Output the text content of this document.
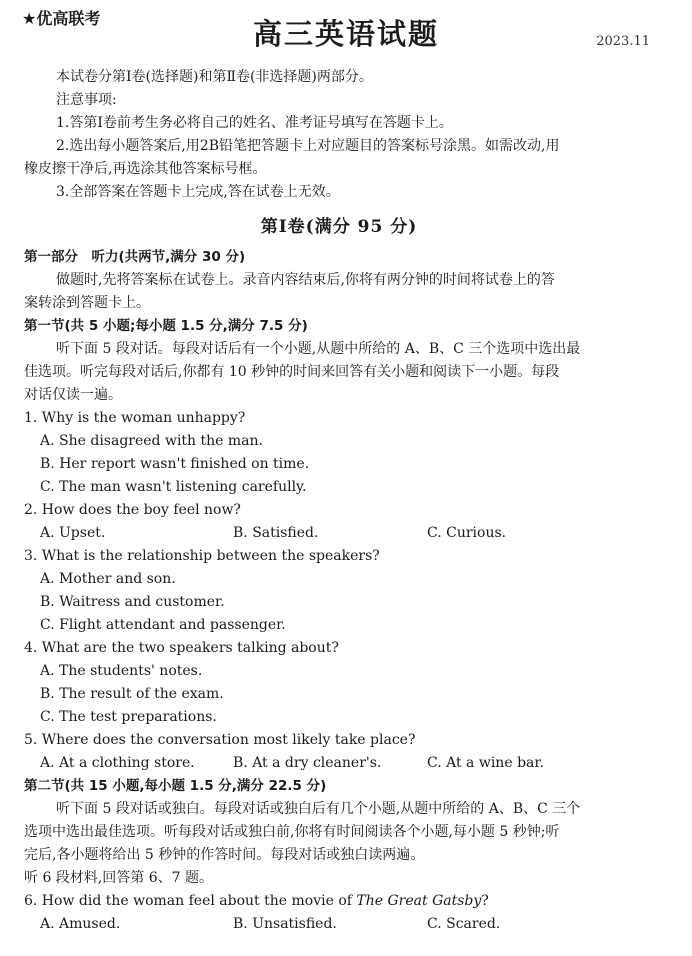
★优高联考	高三英语试题	2023.11
本试卷分第Ⅰ卷(选择题)和第Ⅱ卷(非选择题)两部分。
注意事项:
1.答第Ⅰ卷前考生务必将自己的姓名、准考证号填写在答题卡上。
2.选出每小题答案后,用2B铅笔把答题卡上对应题目的答案标号涂黑。如需改动,用
橡皮擦干净后,再选涂其他答案标号框。
3.全部答案在答题卡上完成,答在试卷上无效。
第Ⅰ卷(满分 95 分)
第一部分　听力(共两节,满分 30 分)
做题时,先将答案标在试卷上。录音内容结束后,你将有两分钟的时间将试卷上的答
案转涂到答题卡上。
第一节(共 5 小题;每小题 1.5 分,满分 7.5 分)
听下面 5 段对话。每段对话后有一个小题,从题中所给的 A、B、C 三个选项中选出最
佳选项。听完每段对话后,你都有 10 秒钟的时间来回答有关小题和阅读下一小题。每段
对话仅读一遍。
1. Why is the woman unhappy?
A. She disagreed with the man.
B. Her report wasn't finished on time.
C. The man wasn't listening carefully.
2. How does the boy feel now?
A. Upset.	B. Satisfied.	C. Curious.
3. What is the relationship between the speakers?
A. Mother and son.
B. Waitress and customer.
C. Flight attendant and passenger.
4. What are the two speakers talking about?
A. The students' notes.
B. The result of the exam.
C. The test preparations.
5. Where does the conversation most likely take place?
A. At a clothing store.	B. At a dry cleaner's.	C. At a wine bar.
第二节(共 15 小题,每小题 1.5 分,满分 22.5 分)
听下面 5 段对话或独白。每段对话或独白后有几个小题,从题中所给的 A、B、C 三个
选项中选出最佳选项。听每段对话或独白前,你将有时间阅读各个小题,每小题 5 秒钟;听
完后,各小题将给出 5 秒钟的作答时间。每段对话或独白读两遍。
听 6 段材料,回答第 6、7 题。
6. How did the woman feel about the movie of The Great Gatsby?
A. Amused.	B. Unsatisfied.	C. Scared.
